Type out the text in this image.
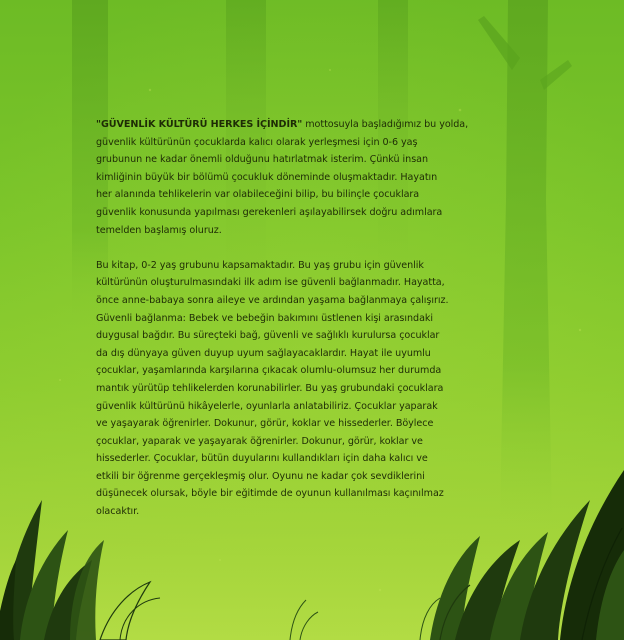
"GÜVENLİK KÜLTÜRÜ HERKES İÇİNDİR" mottosuyla başladığımız bu yolda,
güvenlik kültürünün çocuklarda kalıcı olarak yerleşmesi için 0-6 yaş
grubunun ne kadar önemli olduğunu hatırlatmak isterim. Çünkü insan
kimliğinin büyük bir bölümü çocukluk döneminde oluşmaktadır. Hayatın
her alanında tehlikelerin var olabileceğini bilip, bu bilinçle çocuklara
güvenlik konusunda yapılması gerekenleri aşılayabilirsek doğru adımlara
temelden başlamış oluruz.

Bu kitap, 0-2 yaş grubunu kapsamaktadır. Bu yaş grubu için güvenlik
kültürünün oluşturulmasındaki ilk adım ise güvenli bağlanmadır. Hayatta,
önce anne-babaya sonra aileye ve ardından yaşama bağlanmaya çalışırız.
Güvenli bağlanma: Bebek ve bebeğin bakımını üstlenen kişi arasındaki
duygusal bağdır. Bu süreçteki bağ, güvenli ve sağlıklı kurulursa çocuklar
da dış dünyaya güven duyup uyum sağlayacaklardır. Hayat ile uyumlu
çocuklar, yaşamlarında karşılarına çıkacak olumlu-olumsuz her durumda
mantık yürütüp tehlikelerden korunabilirler. Bu yaş grubundaki çocuklara
güvenlik kültürünü hikâyelerle, oyunlarla anlatabiliriz. Çocuklar yaparak
ve yaşayarak öğrenirler. Dokunur, görür, koklar ve hissederler. Böylece
çocuklar, yaparak ve yaşayarak öğrenirler. Dokunur, görür, koklar ve
hissederler. Çocuklar, bütün duyularını kullandıkları için daha kalıcı ve
etkili bir öğrenme gerçekleşmiş olur. Oyunu ne kadar çok sevdiklerini
düşünecek olursak, böyle bir eğitimde de oyunun kullanılması kaçınılmaz
olacaktır.
